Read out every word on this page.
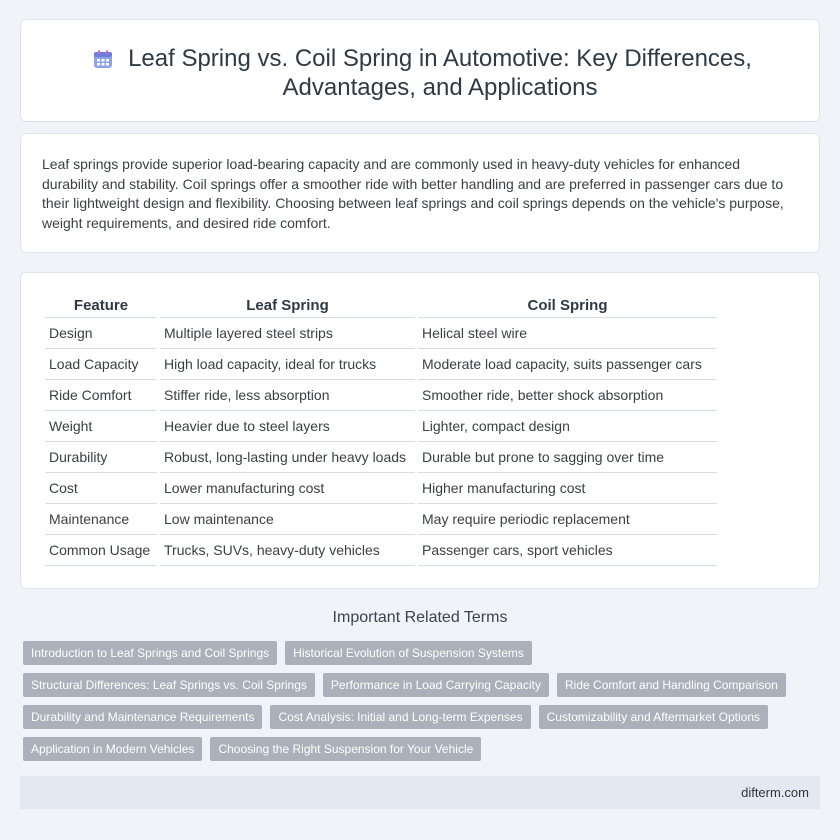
Leaf Spring vs. Coil Spring in Automotive: Key Differences, Advantages, and Applications

Leaf springs provide superior load-bearing capacity and are commonly used in heavy-duty vehicles for enhanced durability and stability. Coil springs offer a smoother ride with better handling and are preferred in passenger cars due to their lightweight design and flexibility. Choosing between leaf springs and coil springs depends on the vehicle's purpose, weight requirements, and desired ride comfort.

Feature	Leaf Spring	Coil Spring
Design	Multiple layered steel strips	Helical steel wire
Load Capacity	High load capacity, ideal for trucks	Moderate load capacity, suits passenger cars
Ride Comfort	Stiffer ride, less absorption	Smoother ride, better shock absorption
Weight	Heavier due to steel layers	Lighter, compact design
Durability	Robust, long-lasting under heavy loads	Durable but prone to sagging over time
Cost	Lower manufacturing cost	Higher manufacturing cost
Maintenance	Low maintenance	May require periodic replacement
Common Usage	Trucks, SUVs, heavy-duty vehicles	Passenger cars, sport vehicles
Important Related Terms
Introduction to Leaf Springs and Coil Springs	Historical Evolution of Suspension Systems
Structural Differences: Leaf Springs vs. Coil Springs	Performance in Load Carrying Capacity	Ride Comfort and Handling Comparison
Durability and Maintenance Requirements	Cost Analysis: Initial and Long-term Expenses	Customizability and Aftermarket Options
Application in Modern Vehicles	Choosing the Right Suspension for Your Vehicle
difterm.com
